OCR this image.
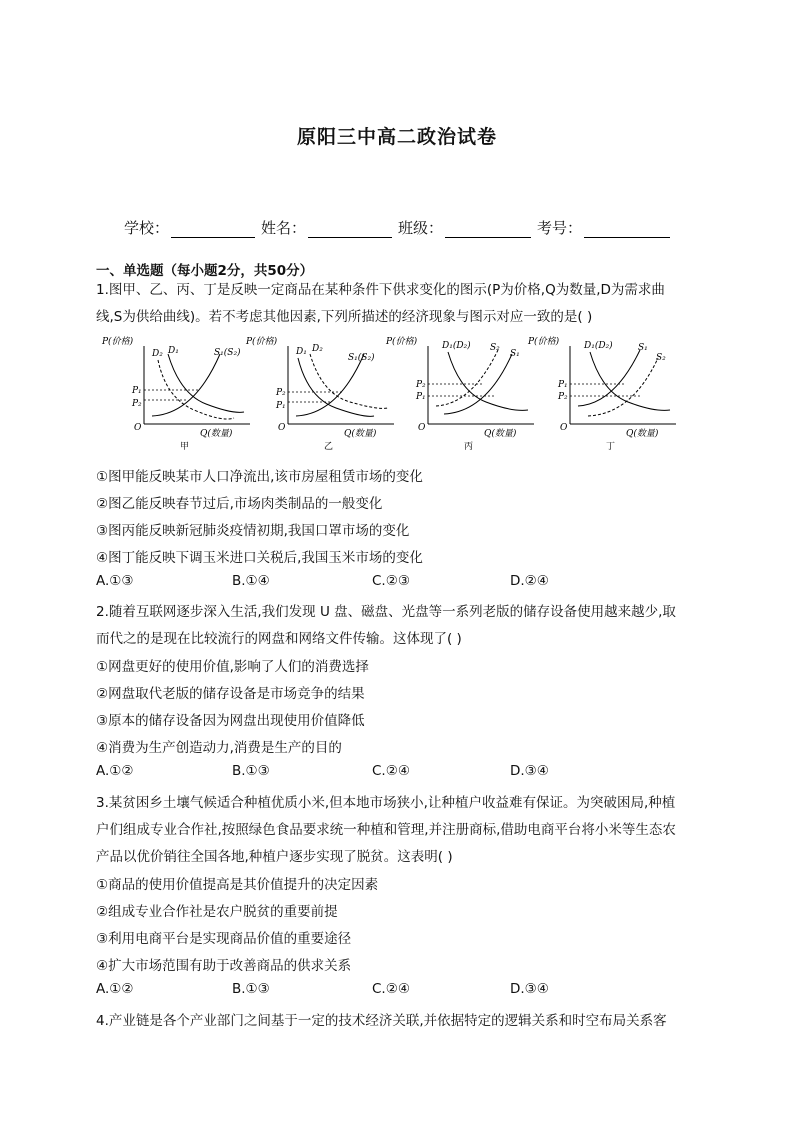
原阳三中高二政治试卷
学校：	姓名：	班级：	考号：
一、单选题（每小题2分，共50分）
1.图甲、乙、丙、丁是反映一定商品在某种条件下供求变化的图示(P为价格,Q为数量,D为需求曲
线,S为供给曲线)。若不考虑其他因素,下列所描述的经济现象与图示对应一致的是( )
P(价格)
O
Q(数量)
甲
D₁
D₂	S₁(S₂)
P₁
P₂
P(价格)
O
Q(数量)
乙
D₁ D₂
S₁(S₂)
P₂
P₁
P(价格)
O
Q(数量)
丙
D₁(D₂)
S₁
S₂
P₂
P₁
P(价格)
O
Q(数量)
丁
D₁(D₂)	S₁
S₂
P₁
P₂
①图甲能反映某市人口净流出,该市房屋租赁市场的变化
②图乙能反映春节过后,市场肉类制品的一般变化
③图丙能反映新冠肺炎疫情初期,我国口罩市场的变化
④图丁能反映下调玉米进口关税后,我国玉米市场的变化
A.①③	B.①④	C.②③	D.②④
2.随着互联网逐步深入生活,我们发现 U 盘、磁盘、光盘等一系列老版的储存设备使用越来越少,取
而代之的是现在比较流行的网盘和网络文件传输。这体现了( )
①网盘更好的使用价值,影响了人们的消费选择
②网盘取代老版的储存设备是市场竞争的结果
③原本的储存设备因为网盘出现使用价值降低
④消费为生产创造动力,消费是生产的目的
A.①②	B.①③	C.②④	D.③④
3.某贫困乡土壤气候适合种植优质小米,但本地市场狭小,让种植户收益难有保证。为突破困局,种植
户们组成专业合作社,按照绿色食品要求统一种植和管理,并注册商标,借助电商平台将小米等生态农
产品以优价销往全国各地,种植户逐步实现了脱贫。这表明( )
①商品的使用价值提高是其价值提升的决定因素
②组成专业合作社是农户脱贫的重要前提
③利用电商平台是实现商品价值的重要途径
④扩大市场范围有助于改善商品的供求关系
A.①②	B.①③	C.②④	D.③④
4.产业链是各个产业部门之间基于一定的技术经济关联,并依据特定的逻辑关系和时空布局关系客
